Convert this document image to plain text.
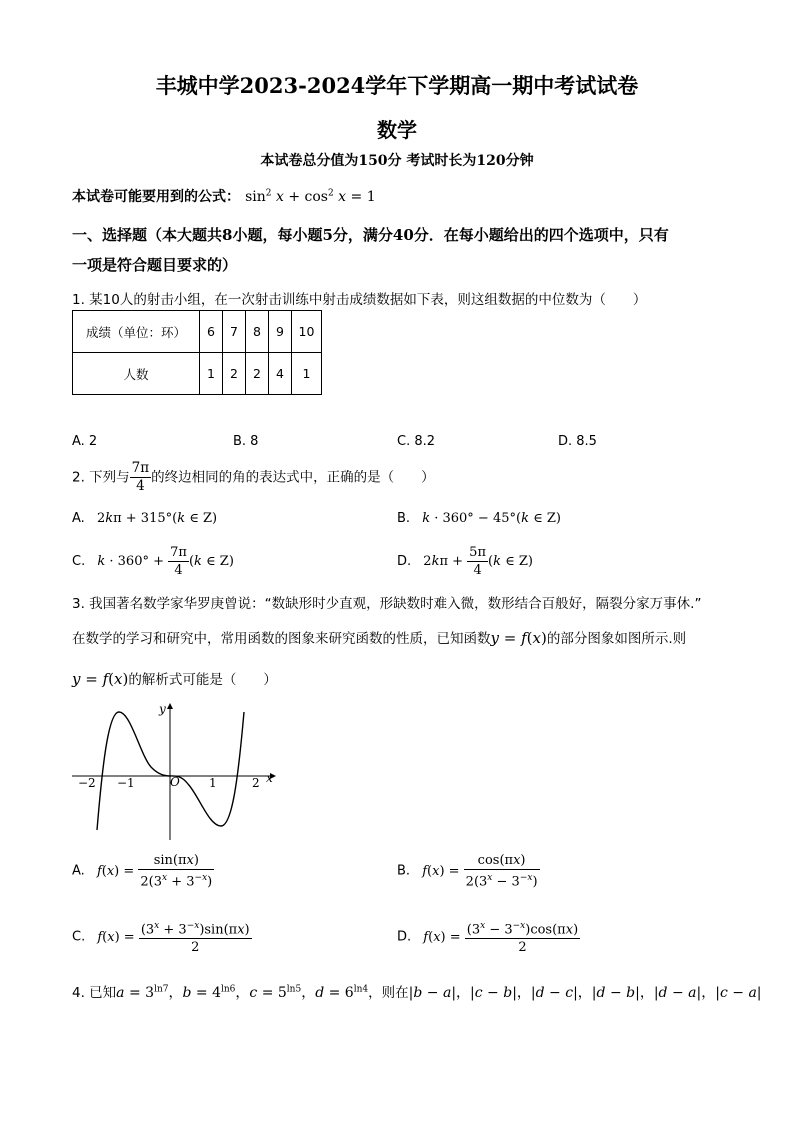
丰城中学2023-2024学年下学期高一期中考试试卷
数学
本试卷总分值为150分 考试时长为120分钟
本试卷可能要用到的公式： $\sin^2 x + \cos^2 x = 1$
一、选择题（本大题共8小题，每小题5分，满分40分．在每小题给出的四个选项中，只有
一项是符合题目要求的）
1. 某10人的射击小组，在一次射击训练中射击成绩数据如下表，则这组数据的中位数为（　　）
成绩（单位：环）	6	7	8	9	10
人数	1	2	2	4	1
A. 2	B. 8	C. 8.2	D. 8.5
2. 下列与 $\frac{7\pi}{4}$ 的终边相同的角的表达式中，正确的是（　　）
A. 2kπ + 315°(k ∈ Z)	B. k · 360° − 45°(k ∈ Z)
C. $k \cdot 360^\circ + \frac{7\pi}{4} (k$ ∈ Z)	D. $2k\pi + \frac{5\pi}{4} (k$ ∈ Z)
3. 我国著名数学家华罗庚曾说：“数缺形时少直观，形缺数时难入微，数形结合百般好，隔裂分家万事休.”
在数学的学习和研究中，常用函数的图象来研究函数的性质，已知函数y = f(x)的部分图象如图所示.则
y = f(x)的解析式可能是（　　）
−2 −1	1	2
O	x
y
A. $f(x) = \frac{\sin(\pi x)}{2(3^x + 3^{-x})}$	B. $f(x) = \frac{\cos(\pi x)}{2(3^x - 3^{-x})}$
C. $f(x) = \frac{(3^x + 3^{-x})\sin(\pi x)}{2}$	D. $f(x) = \frac{(3^x - 3^{-x})\cos(\pi x)}{2}$
4. 已知$a = 3^{ln7}$，$b = 4^{ln6}$，$c = 5^{ln5}$，$d = 6^{ln4}$，则在|b − a|，|c − b|，|d − c|，|d − b|，|d − a|，|c − a|
